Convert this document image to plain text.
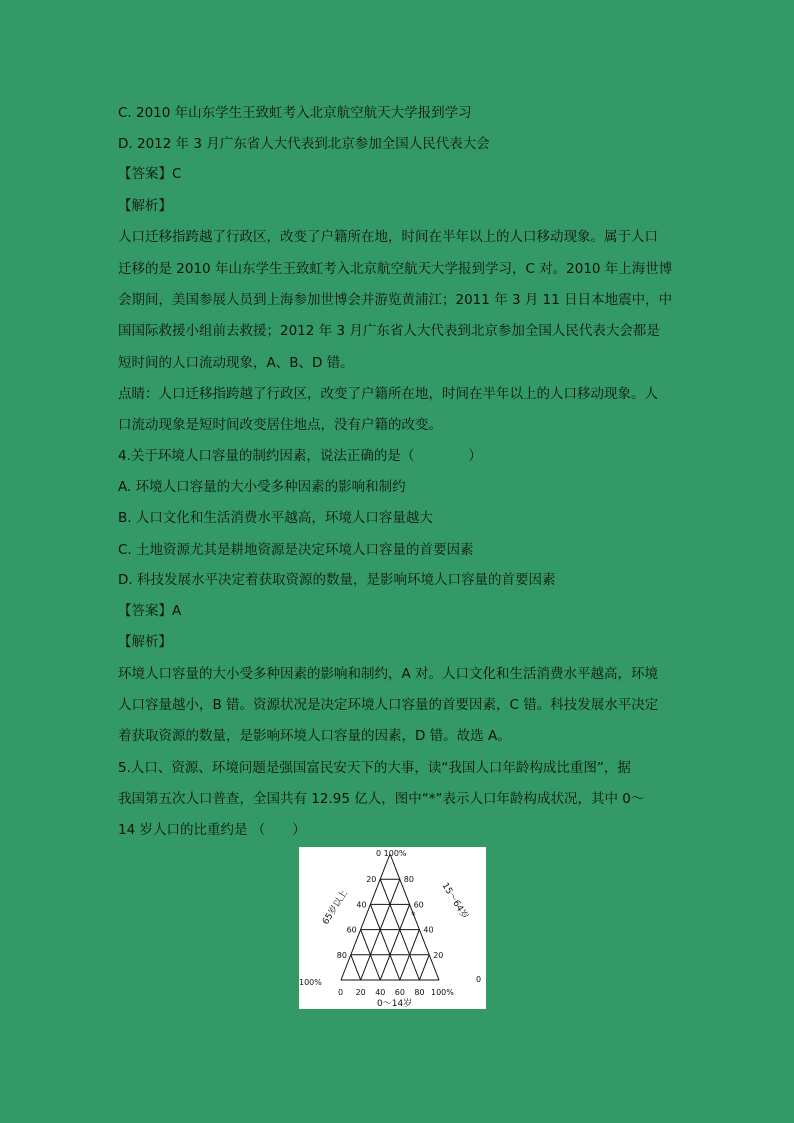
C. 2010 年山东学生王致虹考入北京航空航天大学报到学习
D. 2012 年 3 月广东省人大代表到北京参加全国人民代表大会
【答案】C
【解析】
人口迁移指跨越了行政区，改变了户籍所在地，时间在半年以上的人口移动现象。属于人口
迁移的是 2010 年山东学生王致虹考入北京航空航天大学报到学习，C 对。2010 年上海世博
会期间，美国参展人员到上海参加世博会并游览黄浦江；2011 年 3 月 11 日日本地震中，中
国国际救援小组前去救援；2012 年 3 月广东省人大代表到北京参加全国人民代表大会都是
短时间的人口流动现象，A、B、D 错。
点睛：人口迁移指跨越了行政区，改变了户籍所在地，时间在半年以上的人口移动现象。人
口流动现象是短时间改变居住地点，没有户籍的改变。
4.关于环境人口容量的制约因素，说法正确的是（　　　　）
A. 环境人口容量的大小受多种因素的影响和制约
B. 人口文化和生活消费水平越高，环境人口容量越大
C. 土地资源尤其是耕地资源是决定环境人口容量的首要因素
D. 科技发展水平决定着获取资源的数量，是影响环境人口容量的首要因素
【答案】A
【解析】
环境人口容量的大小受多种因素的影响和制约，A 对。人口文化和生活消费水平越高，环境
人口容量越小，B 错。资源状况是决定环境人口容量的首要因素，C 错。科技发展水平决定
着获取资源的数量，是影响环境人口容量的因素，D 错。故选 A。
5.人口、资源、环境问题是强国富民安天下的大事，读“我国人口年龄构成比重图”，据
我国第五次人口普查，全国共有 12.95 亿人，图中“*”表示人口年龄构成状况，其中 0～
14 岁人口的比重约是 （　　）
0 100%
65岁以上	15～64岁
0～14岁
100%	0
*
20
40
60
80
80
60
40
20
0 20 40 60 80 100%
